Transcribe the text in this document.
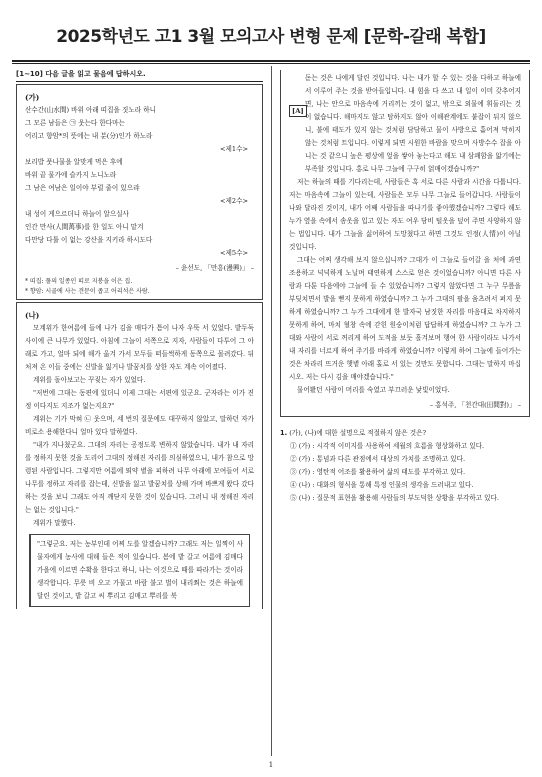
2025학년도 고1 3월 모의고사 변형 문제 [문학-갈래 복합]
[1~10] 다음 글을 읽고 물음에 답하시오.
(가)

산수간(山水間) 바위 아래 띠집을 짓노라 하니

그 모른 남들은 ㉠ 웃는다 한다마는

어리고 향암*의 뜻에는 내 분(分)인가 하노라

<제1수>

보리밥 풋나물을 알맞게 먹은 후에

바위 끝 물가에 슬카지 노니노라

그 남은 여남은 일이야 부럴 줄이 있으랴

<제2수>

내 성이 게으르더니 하늘이 알으실사

인간 만사(人間萬事)를 한 일도 아니 맡겨

다만당 다툴 이 없는 강산을 지키라 하시도다

<제5수>
– 윤선도, 「만흥(漫興)」 –

* 띠집: 풀의 일종인 띠로 지붕을 이은 집.

* 향암: 시골에 사는 견문이 좁고 어리석은 사람.

(나)

모계위가 한여름에 들에 나가 김을 매다가 틈이 나자 우뚝 서 있었다. 밭두둑 사이에 큰 나무가 있었다. 아침에 그늘이 서쪽으로 지자, 사람들이 다투어 그 아래로 가고, 얼마 되에 해가 옮겨 가서 모두들 떠들썩하게 동쪽으로 몰려갔다. 뒤처져 온 이들 중에는 신발을 잃거나 발꿈치를 상한 자도 계속 이어졌다.

계위를 돌아보고는 꾸짖는 자가 있었다.

"저번에 그대는 동편에 있더니 이제 그대는 서편에 있군요. 군자라는 이가 진정 이다지도 지조가 없는지요?"

계위는 기가 막혀 ㉡ 웃으며, 세 번의 질문에도 대꾸하지 않았고, 말하던 자가 비로소 용해한다니 얼마 있다 말하였다.

"내가 지나쳤군요. 그대의 자리는 공정도록 변하지 않았습니다. 내가 내 자리를 정하지 못한 것을 도리어 그대의 정해진 자리를 의심하였으니, 내가 참으로 망령된 사람입니다. 그렇지만 여름에 뙤약 볕을 피하려 나무 아래에 모여들어 서로 나무를 정하고 자리를 잡는데, 신발을 잃고 발꿈치를 상해 가며 바쁘게 왔다 갔다 하는 것을 보니 그래도 아직 깨닫지 못한 것이 있습니다. 그러니 내 정해진 자리는 없는 것입니다."

계위가 말했다.

"그렇군요. 저는 농부인데 어찌 도를 알겠습니까? 그래도 저는 일찍이 사물자에게 농사에 대해 들은 적이 있습니다. 봄에 밭 갈고 여름에 김매다 가을에 이르면 수확을 한다고 하니, 나는 이것으로 때를 따라가는 것이라 생각합니다. 무릇 비 오고 가물고 바람 불고 벌이 내리쬐는 것은 하늘에 달린 것이고, 밭 갈고 씨 뿌리고 김매고 뿌리를 북
[A]
돋는 것은 나에게 달린 것입니다. 나는 내가 할 수 있는 것을 다하고 하늘에서 이루어 주는 것을 받아들입니다. 내 힘을 다 쓰고 내 일이 이미 갖추어지면, 나는 안으로 마음속에 거리끼는 것이 없고, 밖으로 외물에 휘둘리는 것이 없습니다. 해마지도 않고 탐하지도 않아 이해관계에도 붙잡이 뒤지 않으니, 불에 태도가 있지 않는 것처럼 담담하고 물이 사방으로 흩어져 막히지 않는 것처럼 트입니다. 이렇게 되면 시원한 바람을 맞으며 사방수수 잡을 아니는 것 같으니 높은 평상에 엎을 쌓아 놓는다고 해도 내 삼쾌함을 앎기에는 부족할 것입니다. 홍로 나무 그늘에 구구히 얽매이겠습니까?"

저는 하늘의 때를 기다리는데, 사람들은 혹 서로 다른 사람과 시간을 다툽니다. 저는 마음속에 그늘이 있는데, 사람들은 모두 나무 그늘로 들어갑니다. 사람들이 나와 달라진 것이지, 내가 어째 사람들을 따나기를 좋아했겠습니까? 그렇다 해도 누가 옆을 속에서 솜옷을 입고 있는 자도 여우 담비 털옷을 덮어 주면 사양하지 않는 법입니다. 내가 그늘을 싫어하여 도망쳤다고 하면 그것도 인정(人情)이 아닐 것입니다.

그대는 어찌 생각해 보지 않으십니까? 그대가 이 그늘로 들어갈 을 처에 과연 조용하고 넉넉하게 노닐며 태연하게 스스로 얻은 것이었습니까? 아니면 다른 사람과 다툰 다음에야 그늘에 들 수 있었습니까? 그렇지 않았다면 그 누구 무릎을 부딪치면서 발을 뻗지 못하게 하였습니까? 그 누가 그대의 팔을 움츠려서 펴지 못하게 하였습니까? 그 누가 그대에게 한 발자국 남짓한 자리를 마음대로 차지하지 못하게 하여, 마치 혈창 속에 갇힌 원숭이처럼 답답하게 하였습니까? 그 누가 그대와 사람이 서로 꺼리게 하여 도적을 보듯 흘겨보며 행여 한 사람이라도 나가서 내 자리를 너르게 하여 주기를 바라게 하였습니까? 이렇게 하여 그늘에 들어가는 것은 차라리 뜨거운 햇볕 아래 홀로 서 있는 것만도 못합니다. 그대는 말하지 마십시오. 저는 다시 김을 매야겠습니다."

물어봤던 사람이 머리를 숙였고 부끄러운 낯빛이었다.

– 홍석주, 「천간대(田間對)」 –

1. (가), (나)에 대한 설명으로 적절하지 않은 것은?

① (가) : 시각적 이미지를 사용하여 세월의 흐름을 형상화하고 있다.

② (가) : 통념과 다른 관점에서 대상의 가치를 조명하고 있다.

③ (가) : 영탄적 어조를 활용하여 삶의 태도를 부각하고 있다.

④ (나) : 대화의 형식을 통해 특정 인물의 생각을 드러내고 있다.

⑤ (나) : 질문적 표현을 활용해 사람들의 부도덕한 상황을 부각하고 있다.

1
